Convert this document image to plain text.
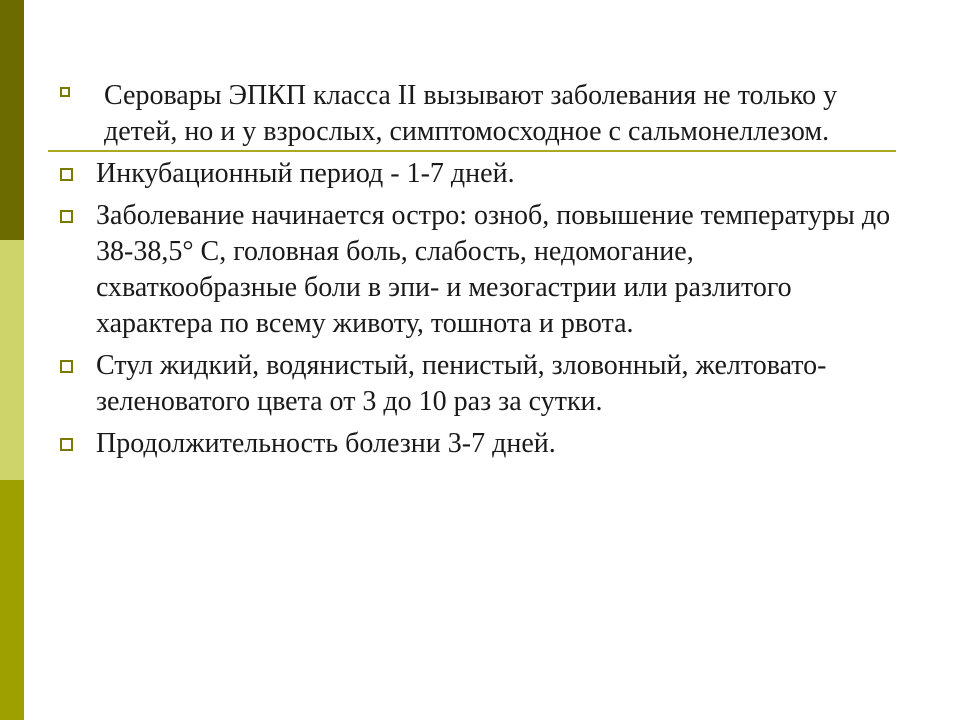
Серовары ЭПКП класса II вызывают заболевания не только у детей, но и у взрослых, симптомосходное с сальмонеллезом.
Инкубационный период - 1-7 дней.
Заболевание начинается остро: озноб, повышение температуры до 38-38,5° С, головная боль, слабость, недомогание, схваткообразные боли в эпи- и мезогастрии или разлитого характера по всему животу, тошнота и рвота.
Стул жидкий, водянистый, пенистый, зловонный, желтовато-зеленоватого цвета от 3 до 10 раз за сутки.
Продолжительность болезни 3-7 дней.
